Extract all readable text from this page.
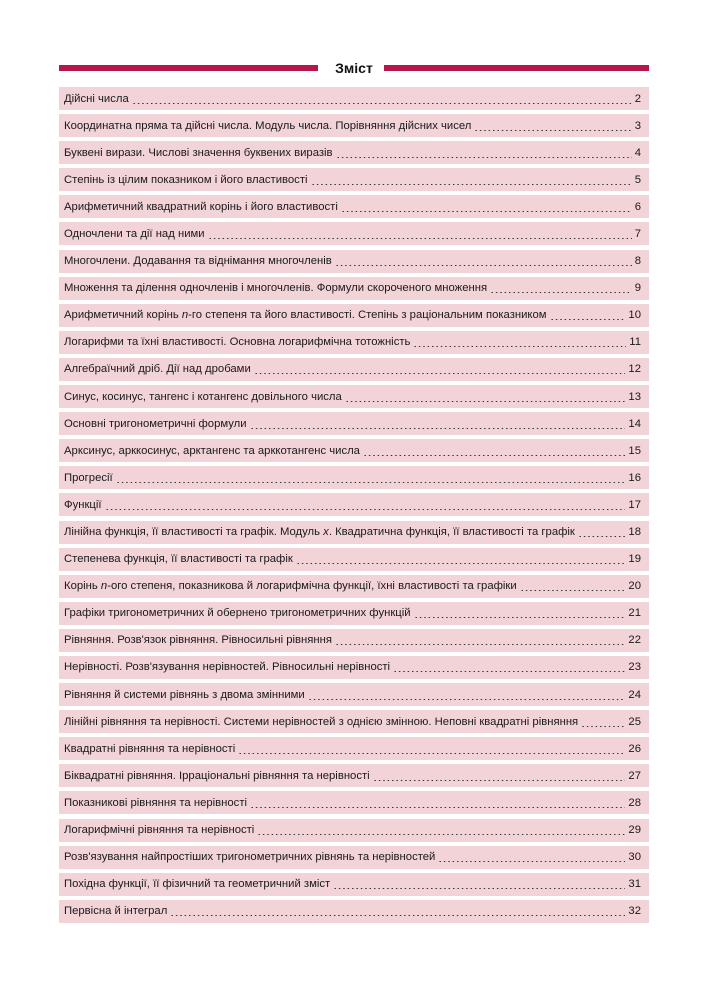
Зміст
Дійсні числа	2
Координатна пряма та дійсні числа. Модуль числа. Порівняння дійсних чисел	3
Буквені вирази. Числові значення буквених виразів	4
Степінь із цілим показником і його властивості	5
Арифметичний квадратний корінь і його властивості	6
Одночлени та дії над ними	7
Многочлени. Додавання та віднімання многочленів	8
Множення та ділення одночленів і многочленів. Формули скороченого множення	9
Арифметичний корінь n-го степеня та його властивості. Степінь з раціональним показником	10
Логарифми та їхні властивості. Основна логарифмічна тотожність	11
Алгебраїчний дріб. Дії над дробами	12
Синус, косинус, тангенс і котангенс довільного числа	13
Основні тригонометричні формули	14
Арксинус, арккосинус, арктангенс та арккотангенс числа	15
Прогресії	16
Функції	17
Лінійна функція, її властивості та графік. Модуль x. Квадратична функція, її властивості та графік	18
Степенева функція, її властивості та графік	19
Корінь n-ого степеня, показникова й логарифмічна функції, їхні властивості та графіки	20
Графіки тригонометричних й обернено тригонометричних функцій	21
Рівняння. Розв'язок рівняння. Рівносильні рівняння	22
Нерівності. Розв'язування нерівностей. Рівносильні нерівності	23
Рівняння й системи рівнянь з двома змінними	24
Лінійні рівняння та нерівності. Системи нерівностей з однією змінною. Неповні квадратні рівняння	25
Квадратні рівняння та нерівності	26
Біквадратні рівняння. Ірраціональні рівняння та нерівності	27
Показникові рівняння та нерівності	28
Логарифмічні рівняння та нерівності	29
Розв'язування найпростіших тригонометричних рівнянь та нерівностей	30
Похідна функції, її фізичний та геометричний зміст	31
Первісна й інтеграл	32
